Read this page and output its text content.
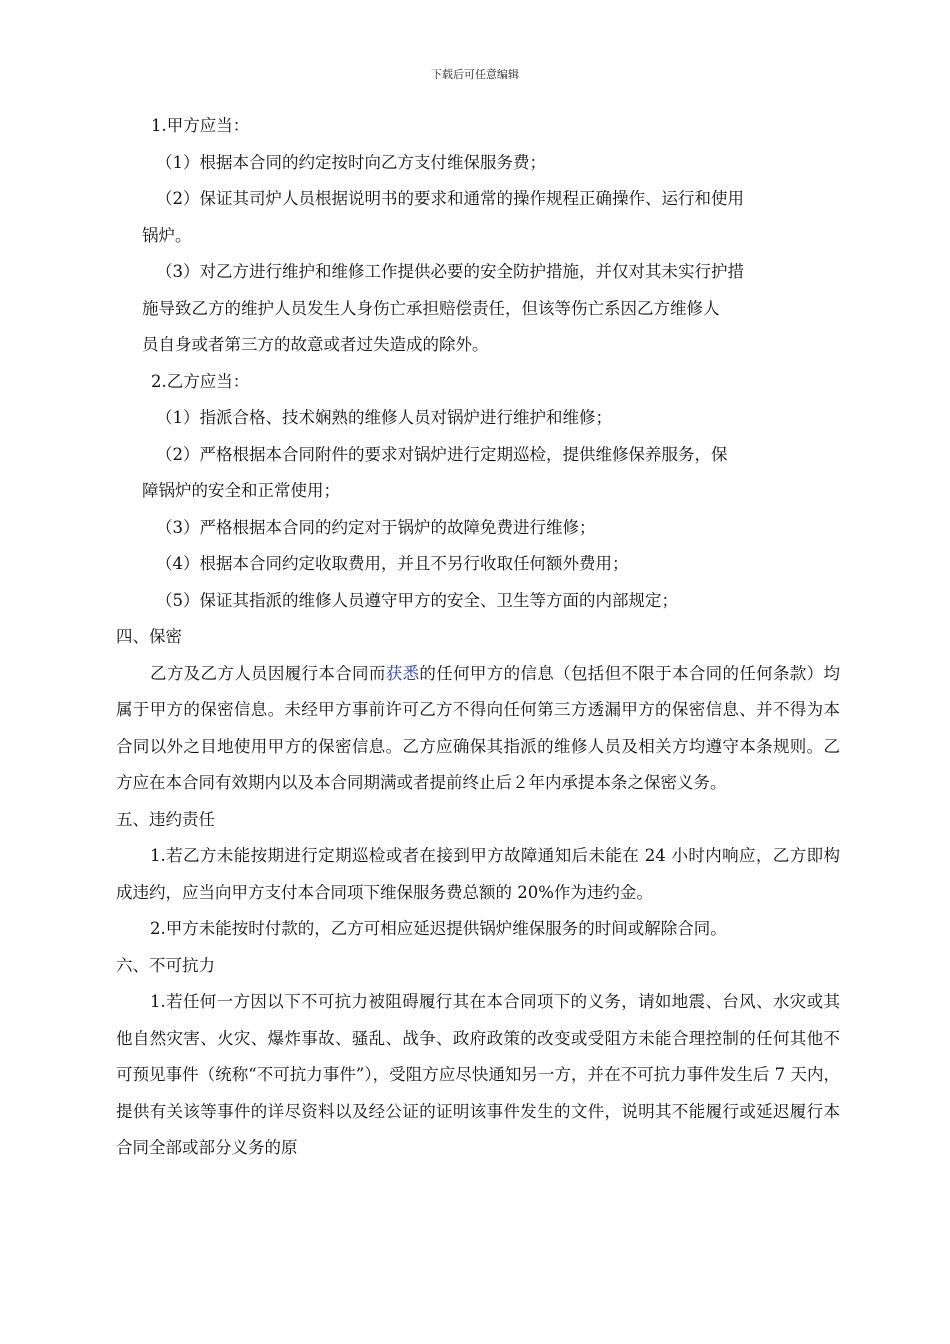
下载后可任意编辑

1.甲方应当：

（1）根据本合同的约定按时向乙方支付维保服务费；

（2）保证其司炉人员根据说明书的要求和通常的操作规程正确操作、运行和使用
锅炉。

（3）对乙方进行维护和维修工作提供必要的安全防护措施，并仅对其未实行护措
施导致乙方的维护人员发生人身伤亡承担赔偿责任，但该等伤亡系因乙方维修人
员自身或者第三方的故意或者过失造成的除外。

2.乙方应当：

（1）指派合格、技术娴熟的维修人员对锅炉进行维护和维修；

（2）严格根据本合同附件的要求对锅炉进行定期巡检，提供维修保养服务，保
障锅炉的安全和正常使用；

（3）严格根据本合同的约定对于锅炉的故障免费进行维修；

（4）根据本合同约定收取费用，并且不另行收取任何额外费用；

（5）保证其指派的维修人员遵守甲方的安全、卫生等方面的内部规定；

四、保密

乙方及乙方人员因履行本合同而获悉的任何甲方的信息（包括但不限于本合同的任何条款）均属于甲方的保密信息。未经甲方事前许可乙方不得向任何第三方透漏甲方的保密信息、并不得为本合同以外之目地使用甲方的保密信息。乙方应确保其指派的维修人员及相关方均遵守本条规则。乙方应在本合同有效期内以及本合同期满或者提前终止后２年内承提本条之保密义务。

五、违约责任

1.若乙方未能按期进行定期巡检或者在接到甲方故障通知后未能在 24 小时内响应，乙方即构成违约，应当向甲方支付本合同项下维保服务费总额的 20%作为违约金。

2.甲方未能按时付款的，乙方可相应延迟提供锅炉维保服务的时间或解除合同。

六、不可抗力

1.若任何一方因以下不可抗力被阻碍履行其在本合同项下的义务，请如地震、台风、水灾或其他自然灾害、火灾、爆炸事故、骚乱、战争、政府政策的改变或受阻方未能合理控制的任何其他不可预见事件（统称“不可抗力事件”），受阻方应尽快通知另一方，并在不可抗力事件发生后 7 天内，提供有关该等事件的详尽资料以及经公证的证明该事件发生的文件，说明其不能履行或延迟履行本合同全部或部分义务的原
